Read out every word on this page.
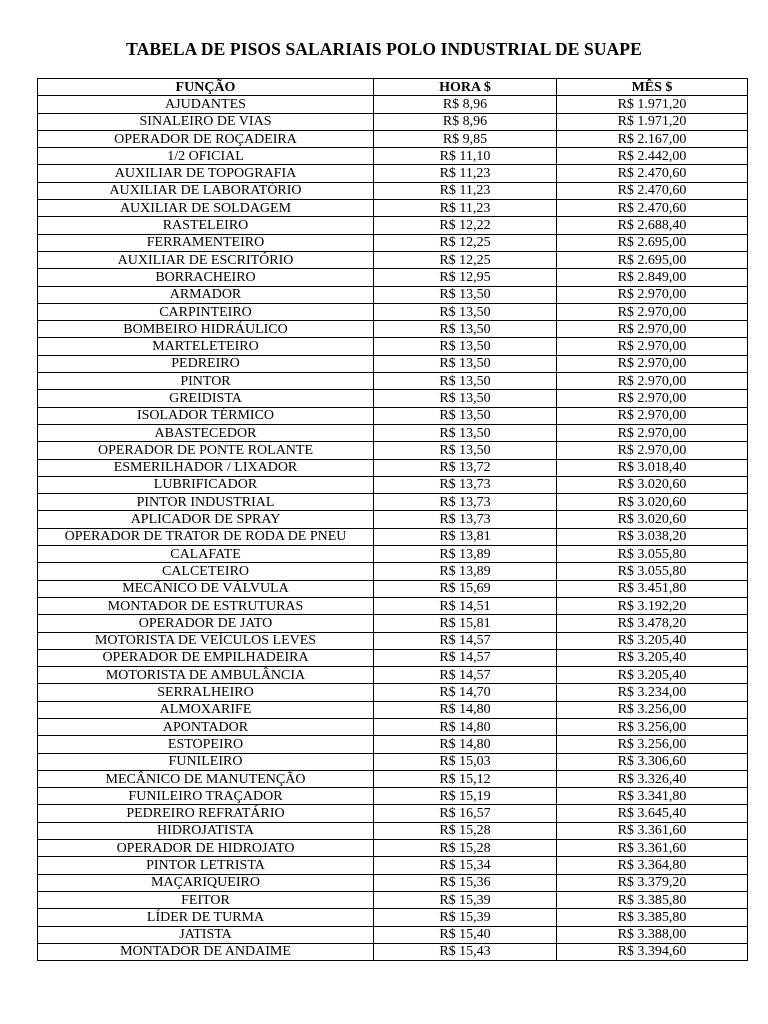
TABELA DE PISOS SALARIAIS POLO INDUSTRIAL DE SUAPE
FUNÇÃO	HORA $	MÊS $
AJUDANTES	R$ 8,96	R$ 1.971,20
SINALEIRO DE VIAS	R$ 8,96	R$ 1.971,20
OPERADOR DE ROÇADEIRA	R$ 9,85	R$ 2.167,00
1/2 OFICIAL	R$ 11,10	R$ 2.442,00
AUXILIAR DE TOPOGRAFIA	R$ 11,23	R$ 2.470,60
AUXILIAR DE LABORATÓRIO	R$ 11,23	R$ 2.470,60
AUXILIAR DE SOLDAGEM	R$ 11,23	R$ 2.470,60
RASTELEIRO	R$ 12,22	R$ 2.688,40
FERRAMENTEIRO	R$ 12,25	R$ 2.695,00
AUXILIAR DE ESCRITÓRIO	R$ 12,25	R$ 2.695,00
BORRACHEIRO	R$ 12,95	R$ 2.849,00
ARMADOR	R$ 13,50	R$ 2.970,00
CARPINTEIRO	R$ 13,50	R$ 2.970,00
BOMBEIRO HIDRÁULICO	R$ 13,50	R$ 2.970,00
MARTELETEIRO	R$ 13,50	R$ 2.970,00
PEDREIRO	R$ 13,50	R$ 2.970,00
PINTOR	R$ 13,50	R$ 2.970,00
GREIDISTA	R$ 13,50	R$ 2.970,00
ISOLADOR TÉRMICO	R$ 13,50	R$ 2.970,00
ABASTECEDOR	R$ 13,50	R$ 2.970,00
OPERADOR DE PONTE ROLANTE	R$ 13,50	R$ 2.970,00
ESMERILHADOR / LIXADOR	R$ 13,72	R$ 3.018,40
LUBRIFICADOR	R$ 13,73	R$ 3.020,60
PINTOR INDUSTRIAL	R$ 13,73	R$ 3.020,60
APLICADOR DE SPRAY	R$ 13,73	R$ 3.020,60
OPERADOR DE TRATOR DE RODA DE PNEU	R$ 13,81	R$ 3.038,20
CALAFATE	R$ 13,89	R$ 3.055,80
CALCETEIRO	R$ 13,89	R$ 3.055,80
MECÂNICO DE VÁLVULA	R$ 15,69	R$ 3.451,80
MONTADOR DE ESTRUTURAS	R$ 14,51	R$ 3.192,20
OPERADOR DE JATO	R$ 15,81	R$ 3.478,20
MOTORISTA DE VEÍCULOS LEVES	R$ 14,57	R$ 3.205,40
OPERADOR DE EMPILHADEIRA	R$ 14,57	R$ 3.205,40
MOTORISTA DE AMBULÂNCIA	R$ 14,57	R$ 3.205,40
SERRALHEIRO	R$ 14,70	R$ 3.234,00
ALMOXARIFE	R$ 14,80	R$ 3.256,00
APONTADOR	R$ 14,80	R$ 3.256,00
ESTOPEIRO	R$ 14,80	R$ 3.256,00
FUNILEIRO	R$ 15,03	R$ 3.306,60
MECÂNICO DE MANUTENÇÃO	R$ 15,12	R$ 3.326,40
FUNILEIRO TRAÇADOR	R$ 15,19	R$ 3.341,80
PEDREIRO REFRATÁRIO	R$ 16,57	R$ 3.645,40
HIDROJATISTA	R$ 15,28	R$ 3.361,60
OPERADOR DE HIDROJATO	R$ 15,28	R$ 3.361,60
PINTOR LETRISTA	R$ 15,34	R$ 3.364,80
MAÇARIQUEIRO	R$ 15,36	R$ 3.379,20
FEITOR	R$ 15,39	R$ 3.385,80
LÍDER DE TURMA	R$ 15,39	R$ 3.385,80
JATISTA	R$ 15,40	R$ 3.388,00
MONTADOR DE ANDAIME	R$ 15,43	R$ 3.394,60
